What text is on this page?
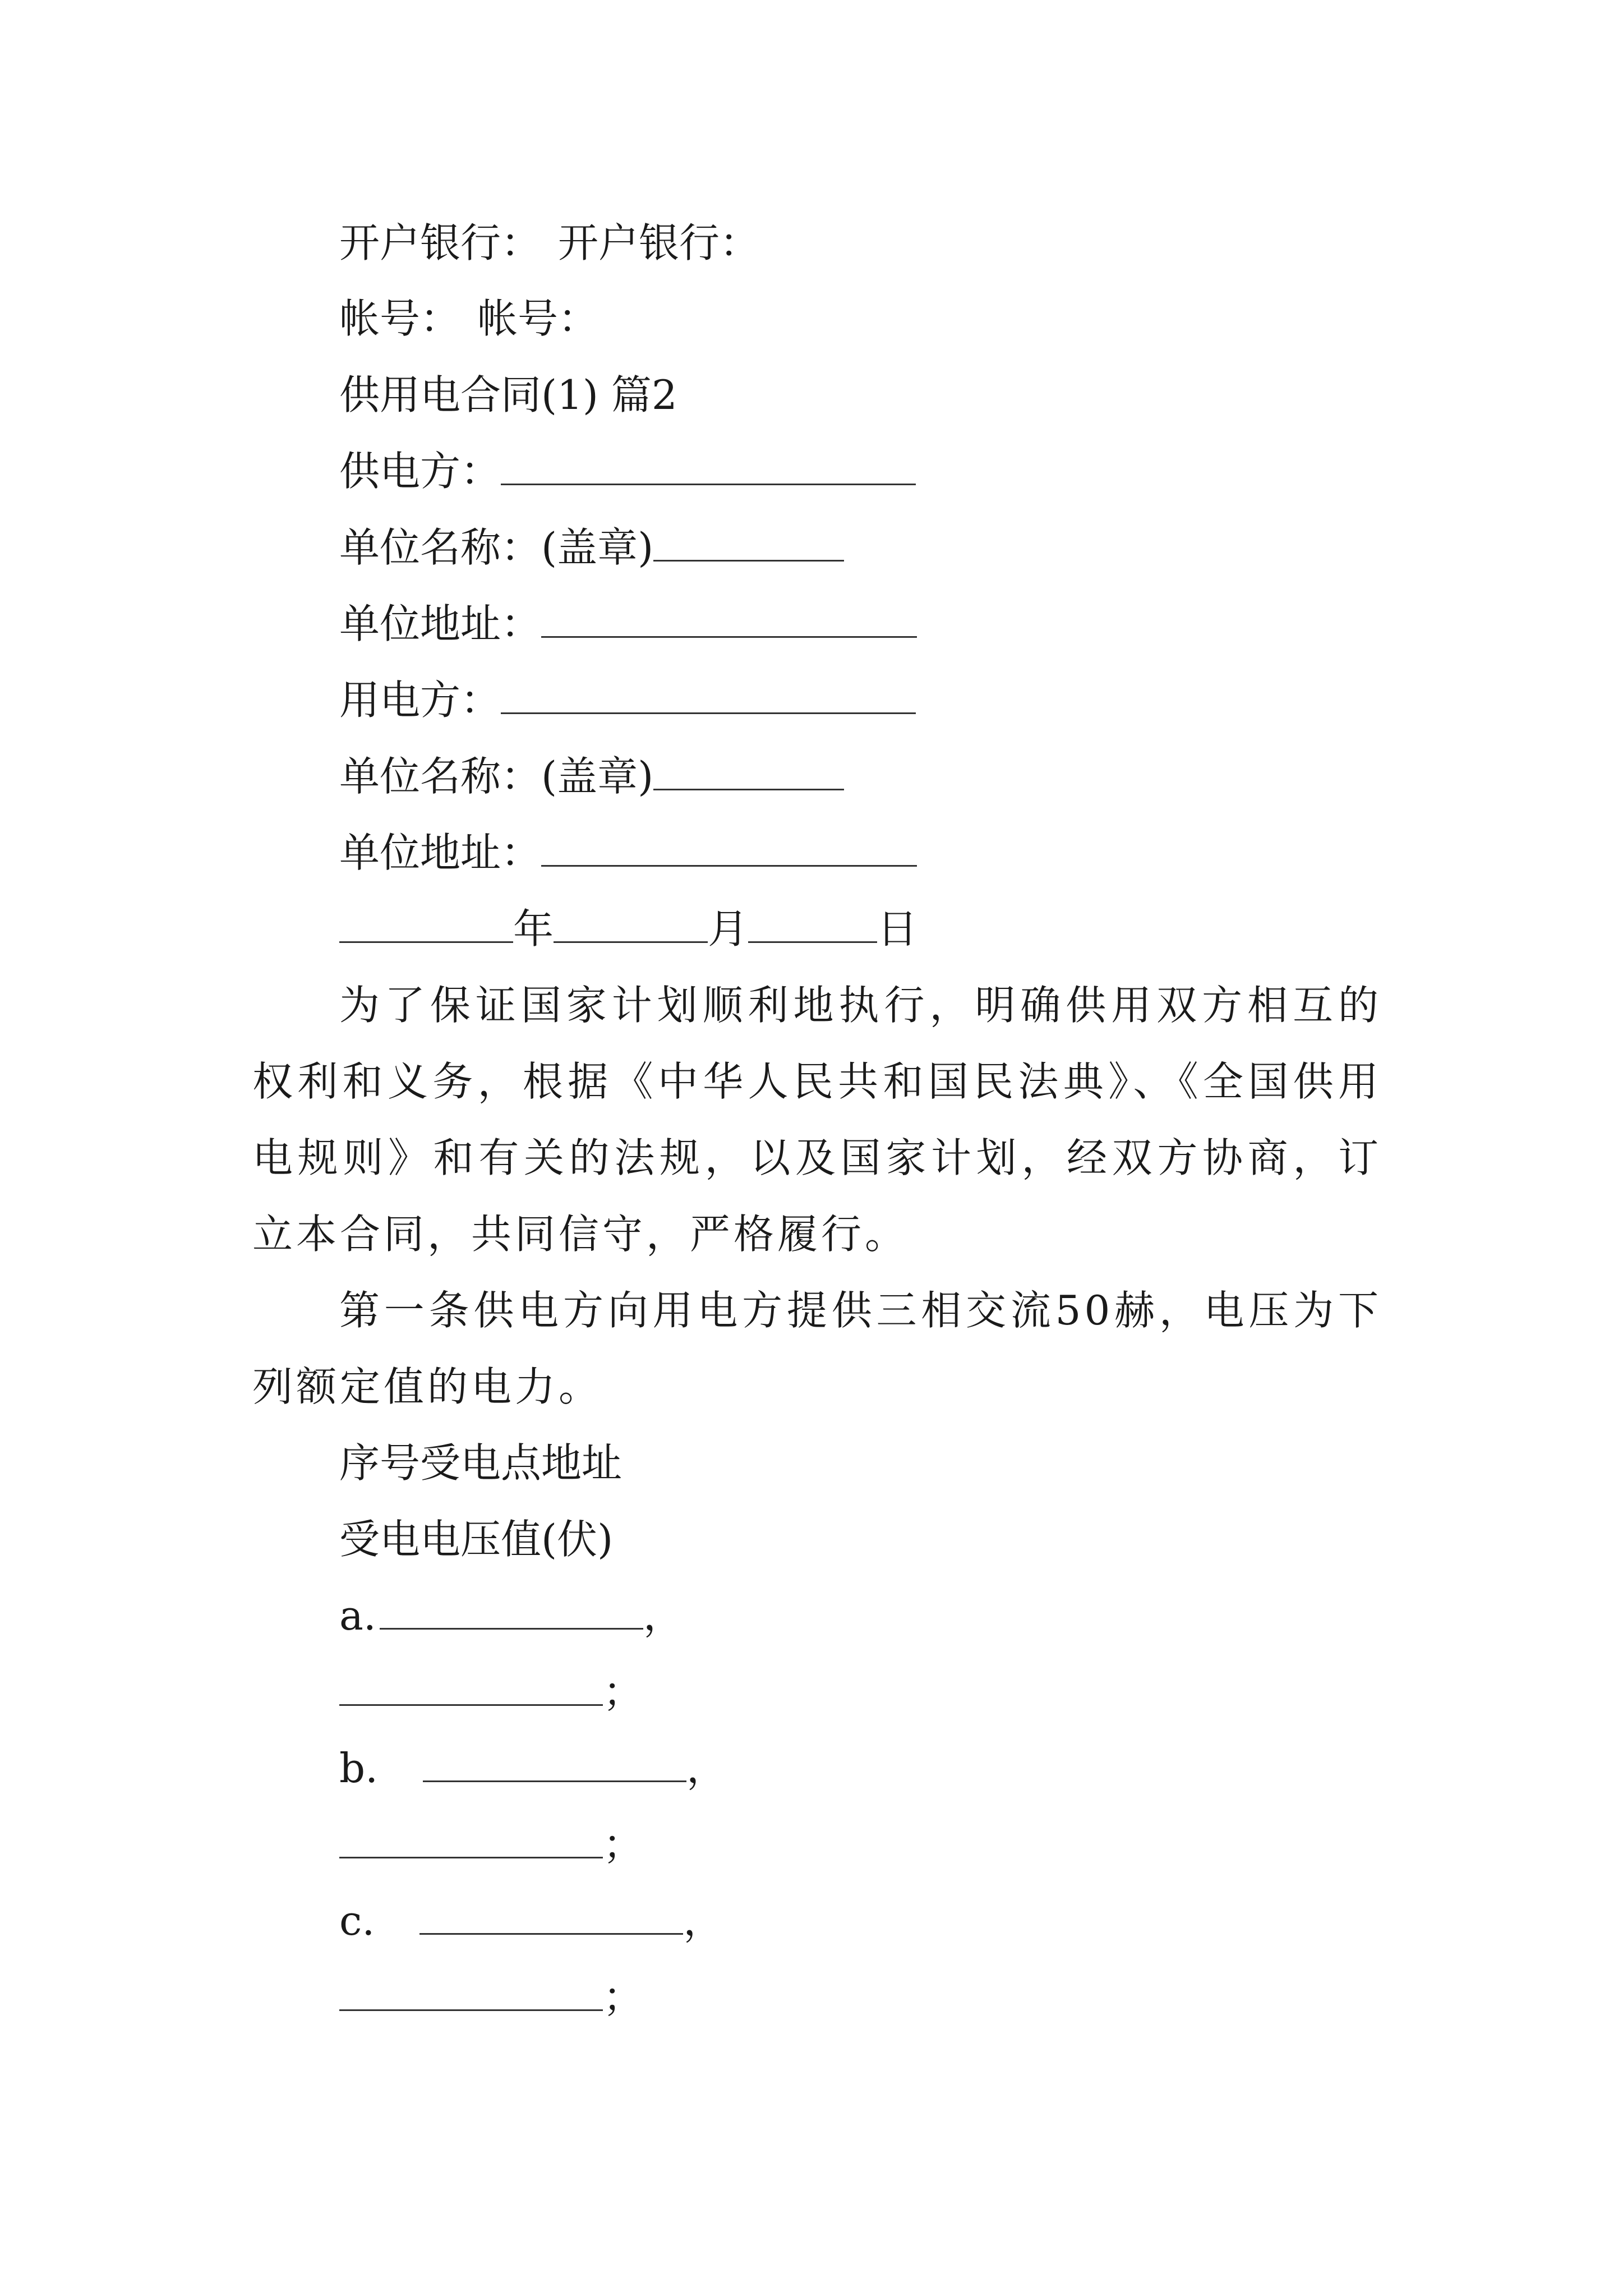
开户银行： 开户银行：

帐号： 帐号：

供用电合同(1) 篇2

供电方：

单位名称：(盖章)

单位地址：

用电方：

单位名称：(盖章)

单位地址：

年	月	日

为了保证国家计划顺利地执行，明确供用双方相互的权利和义务，根据《中华人民共和国民法典》、《全国供用电规则》和有关的法规，以及国家计划，经双方协商，订立本合同，共同信守，严格履行。

第一条供电方向用电方提供三相交流50赫，电压为下列额定值的电力。

序号受电点地址

受电电压值(伏)

a.	，

；

b.	，

；

c.	，

；
